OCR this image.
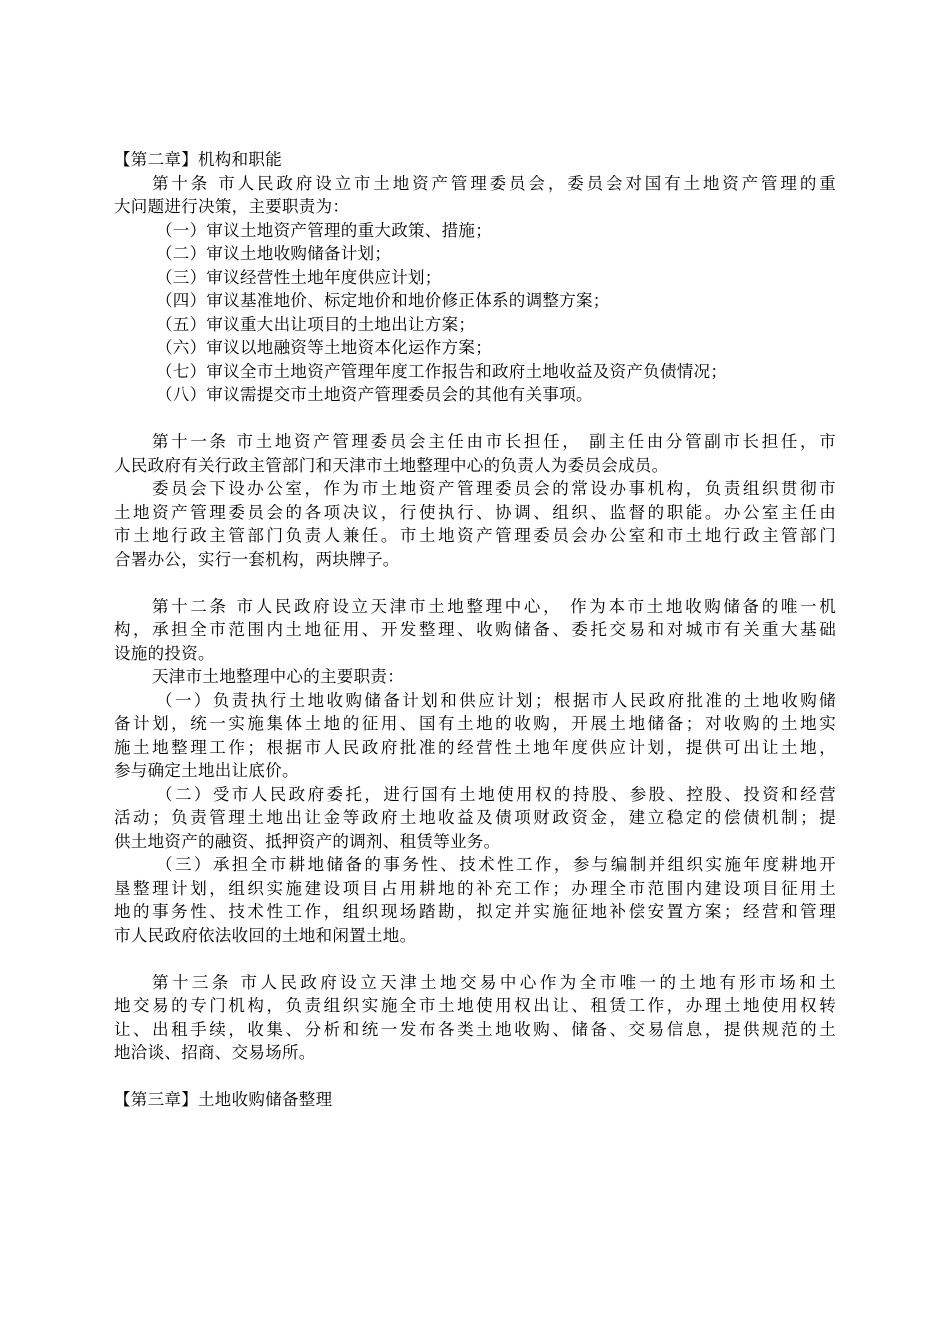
【第二章】机构和职能
第十条 市人民政府设立市土地资产管理委员会，委员会对国有土地资产管理的重
大问题进行决策，主要职责为：
（一）审议土地资产管理的重大政策、措施；
（二）审议土地收购储备计划；
（三）审议经营性土地年度供应计划；
（四）审议基准地价、标定地价和地价修正体系的调整方案；
（五）审议重大出让项目的土地出让方案；
（六）审议以地融资等土地资本化运作方案；
（七）审议全市土地资产管理年度工作报告和政府土地收益及资产负债情况；
（八）审议需提交市土地资产管理委员会的其他有关事项。
第十一条 市土地资产管理委员会主任由市长担任， 副主任由分管副市长担任，市
人民政府有关行政主管部门和天津市土地整理中心的负责人为委员会成员。
委员会下设办公室，作为市土地资产管理委员会的常设办事机构，负责组织贯彻市
土地资产管理委员会的各项决议，行使执行、协调、组织、监督的职能。办公室主任由
市土地行政主管部门负责人兼任。市土地资产管理委员会办公室和市土地行政主管部门
合署办公，实行一套机构，两块牌子。
第十二条 市人民政府设立天津市土地整理中心， 作为本市土地收购储备的唯一机
构，承担全市范围内土地征用、开发整理、收购储备、委托交易和对城市有关重大基础
设施的投资。
天津市土地整理中心的主要职责：
（一）负责执行土地收购储备计划和供应计划；根据市人民政府批准的土地收购储
备计划，统一实施集体土地的征用、国有土地的收购，开展土地储备；对收购的土地实
施土地整理工作；根据市人民政府批准的经营性土地年度供应计划，提供可出让土地，
参与确定土地出让底价。
（二）受市人民政府委托，进行国有土地使用权的持股、参股、控股、投资和经营
活动；负责管理土地出让金等政府土地收益及债项财政资金，建立稳定的偿债机制；提
供土地资产的融资、抵押资产的调剂、租赁等业务。
（三）承担全市耕地储备的事务性、技术性工作，参与编制并组织实施年度耕地开
垦整理计划，组织实施建设项目占用耕地的补充工作；办理全市范围内建设项目征用土
地的事务性、技术性工作，组织现场踏勘，拟定并实施征地补偿安置方案；经营和管理
市人民政府依法收回的土地和闲置土地。
第十三条 市人民政府设立天津土地交易中心作为全市唯一的土地有形市场和土
地交易的专门机构，负责组织实施全市土地使用权出让、租赁工作，办理土地使用权转
让、出租手续，收集、分析和统一发布各类土地收购、储备、交易信息，提供规范的土
地洽谈、招商、交易场所。
【第三章】土地收购储备整理
